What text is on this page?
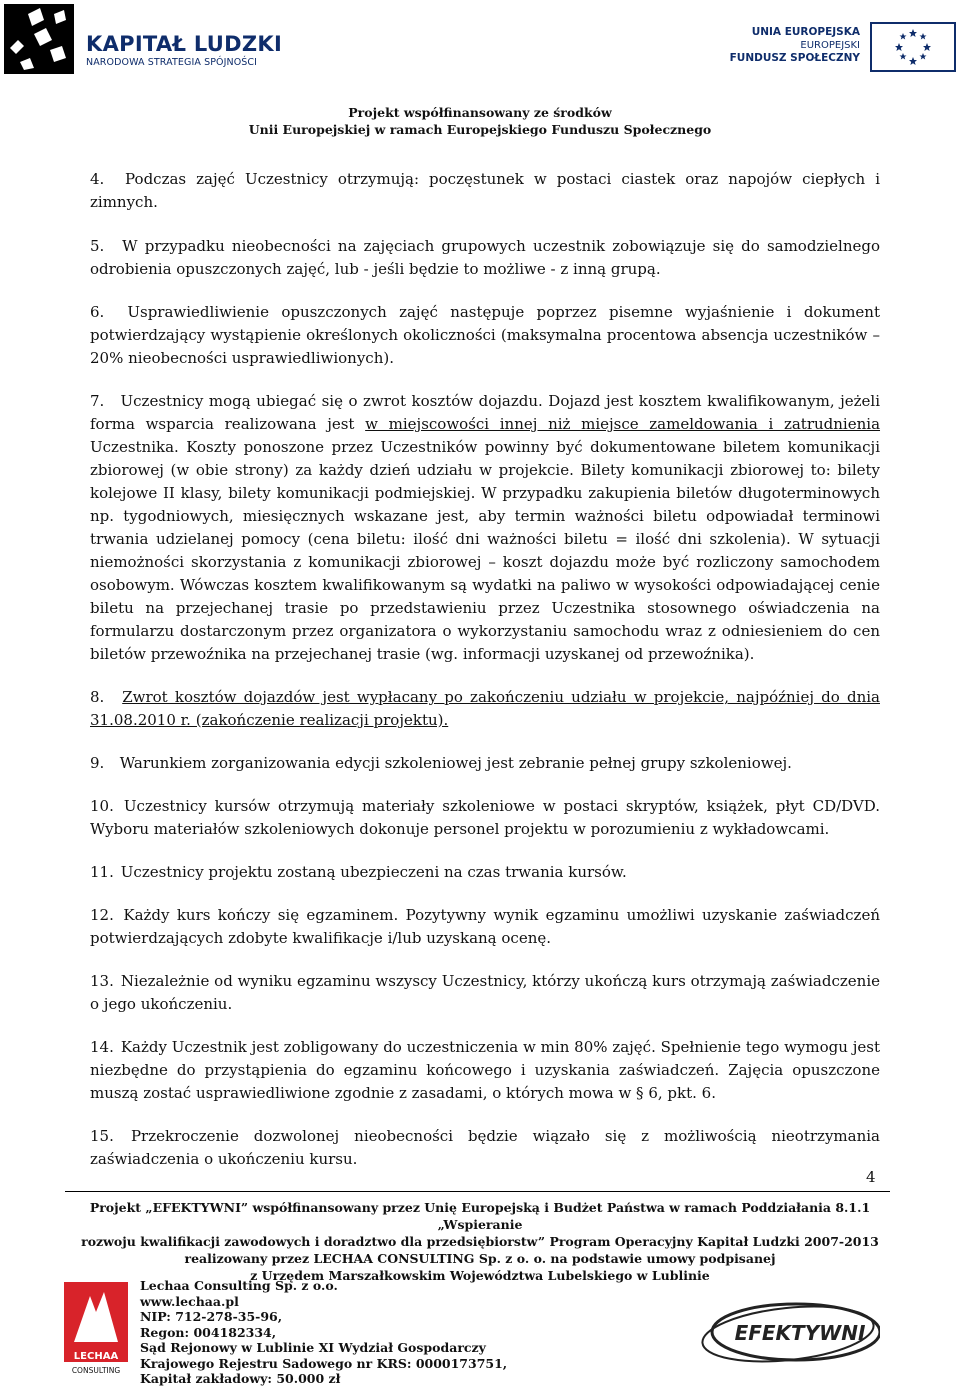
KAPITAŁ LUDZKI
NARODOWA STRATEGIA SPÓJNOŚCI
UNIA EUROPEJSKA
EUROPEJSKI
FUNDUSZ SPOŁECZNY
Projekt współfinansowany ze środków
Unii Europejskiej w ramach Europejskiego Funduszu Społecznego

4. Podczas zajęć Uczestnicy otrzymują: poczęstunek w postaci ciastek oraz napojów ciepłych i zimnych.

5. W przypadku nieobecności na zajęciach grupowych uczestnik zobowiązuje się do samodzielnego odrobienia opuszczonych zajęć, lub - jeśli będzie to możliwe - z inną grupą.

6. Usprawiedliwienie opuszczonych zajęć następuje poprzez pisemne wyjaśnienie i dokument potwierdzający wystąpienie określonych okoliczności (maksymalna procentowa absencja uczestników – 20% nieobecności usprawiedliwionych).

7. Uczestnicy mogą ubiegać się o zwrot kosztów dojazdu. Dojazd jest kosztem kwalifikowanym, jeżeli forma wsparcia realizowana jest w miejscowości innej niż miejsce zameldowania i zatrudnienia Uczestnika. Koszty ponoszone przez Uczestników powinny być dokumentowane biletem komunikacji zbiorowej (w obie strony) za każdy dzień udziału w projekcie. Bilety komunikacji zbiorowej to: bilety kolejowe II klasy, bilety komunikacji podmiejskiej. W przypadku zakupienia biletów długoterminowych np. tygodniowych, miesięcznych wskazane jest, aby termin ważności biletu odpowiadał terminowi trwania udzielanej pomocy (cena biletu: ilość dni ważności biletu = ilość dni szkolenia). W sytuacji niemożności skorzystania z komunikacji zbiorowej – koszt dojazdu może być rozliczony samochodem osobowym. Wówczas kosztem kwalifikowanym są wydatki na paliwo w wysokości odpowiadającej cenie biletu na przejechanej trasie po przedstawieniu przez Uczestnika stosownego oświadczenia na formularzu dostarczonym przez organizatora o wykorzystaniu samochodu wraz z odniesieniem do cen biletów przewoźnika na przejechanej trasie (wg. informacji uzyskanej od przewoźnika).

8. Zwrot kosztów dojazdów jest wypłacany po zakończeniu udziału w projekcie, najpóźniej do dnia 31.08.2010 r. (zakończenie realizacji projektu).

9. Warunkiem zorganizowania edycji szkoleniowej jest zebranie pełnej grupy szkoleniowej.

10. Uczestnicy kursów otrzymują materiały szkoleniowe w postaci skryptów, książek, płyt CD/DVD. Wyboru materiałów szkoleniowych dokonuje personel projektu w porozumieniu z wykładowcami.

11. Uczestnicy projektu zostaną ubezpieczeni na czas trwania kursów.

12. Każdy kurs kończy się egzaminem. Pozytywny wynik egzaminu umożliwi uzyskanie zaświadczeń potwierdzających zdobyte kwalifikacje i/lub uzyskaną ocenę.

13. Niezależnie od wyniku egzaminu wszyscy Uczestnicy, którzy ukończą kurs otrzymają zaświadczenie o jego ukończeniu.

14. Każdy Uczestnik jest zobligowany do uczestniczenia w min 80% zajęć. Spełnienie tego wymogu jest niezbędne do przystąpienia do egzaminu końcowego i uzyskania zaświadczeń. Zajęcia opuszczone muszą zostać usprawiedliwione zgodnie z zasadami, o których mowa w § 6, pkt. 6.

15. Przekroczenie dozwolonej nieobecności będzie wiązało się z możliwością nieotrzymania zaświadczenia o ukończeniu kursu.

4
Projekt „EFEKTYWNI” współfinansowany przez Unię Europejską i Budżet Państwa w ramach Poddziałania 8.1.1 „Wspieranie
rozwoju kwalifikacji zawodowych i doradztwo dla przedsiębiorstw” Program Operacyjny Kapitał Ludzki 2007-2013
realizowany przez LECHAA CONSULTING Sp. z o. o. na podstawie umowy podpisanej
z Urzędem Marszałkowskim Województwa Lubelskiego w Lublinie
LECHAA
CONSULTING
Lechaa Consulting Sp. z o.o.
www.lechaa.pl
NIP: 712-278-35-96,
Regon: 004182334,
Sąd Rejonowy w Lublinie XI Wydział Gospodarczy
Krajowego Rejestru Sadowego nr KRS: 0000173751,
Kapitał zakładowy: 50.000 zł
EFEKTYWNI
